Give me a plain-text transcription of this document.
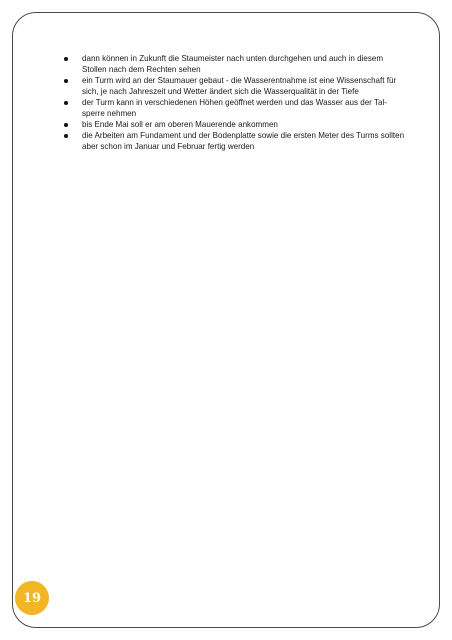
dann können in Zukunft die Staumeister nach unten durchgehen und auch in diesem Stollen nach dem Rechten sehen
ein Turm wird an der Staumauer gebaut - die Wasserentnahme ist eine Wissenschaft für sich, je nach Jahreszeit und Wetter ändert sich die Wasserqualität in der Tiefe
der Turm kann in verschiedenen Höhen geöffnet werden und das Wasser aus der Tal-sperre nehmen
bis Ende Mai soll er am oberen Mauerende ankommen
die Arbeiten am Fundament und der Bodenplatte sowie die ersten Meter des Turms sollten aber schon im Januar und Februar fertig werden
19
